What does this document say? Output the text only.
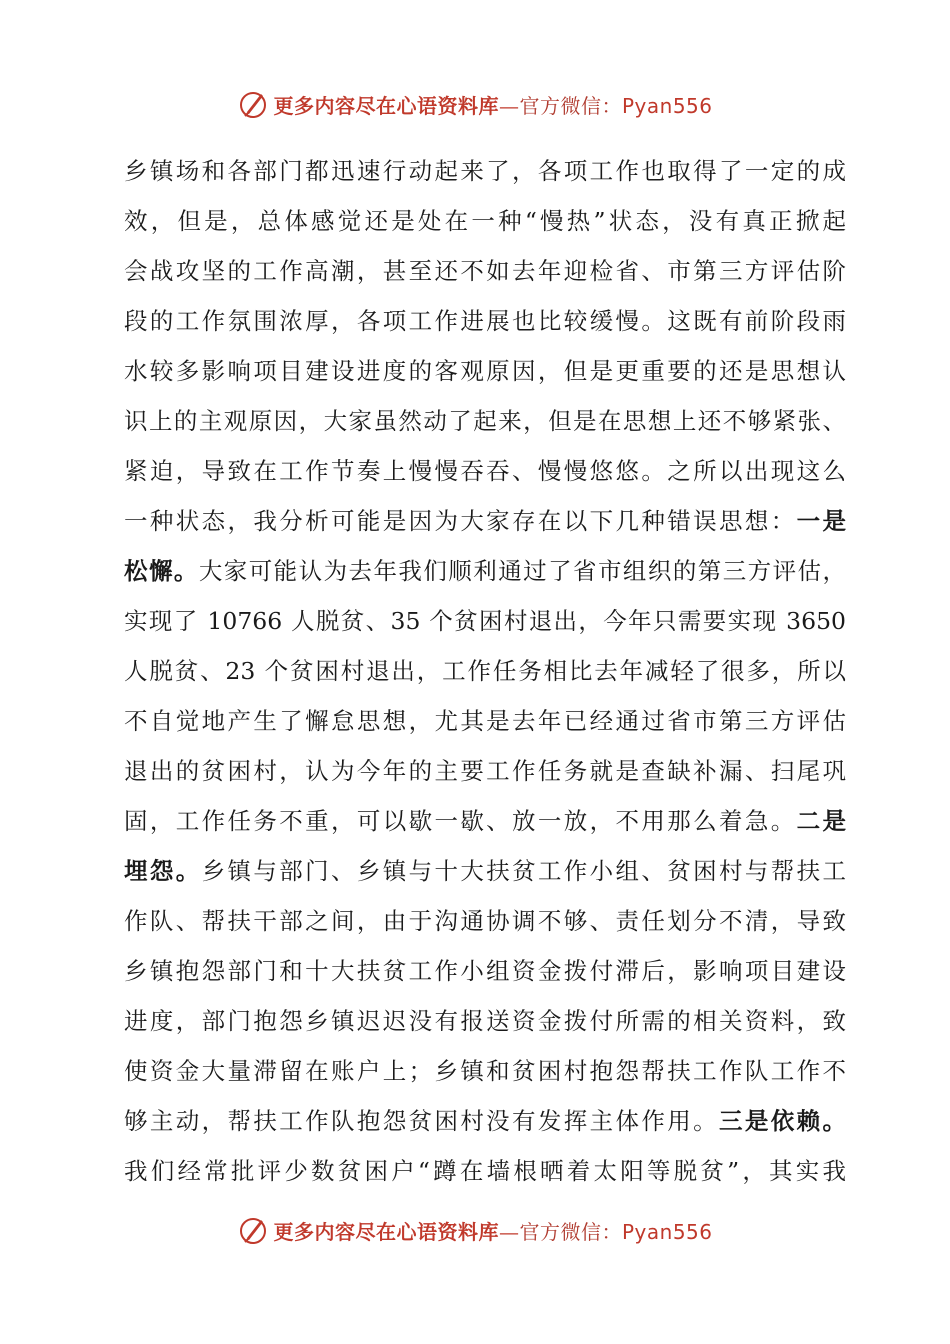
更多内容尽在心语资料库—官方微信：Pyan556
乡镇场和各部门都迅速行动起来了，各项工作也取得了一定的成
效，但是，总体感觉还是处在一种“慢热”状态，没有真正掀起
会战攻坚的工作高潮，甚至还不如去年迎检省、市第三方评估阶
段的工作氛围浓厚，各项工作进展也比较缓慢。这既有前阶段雨
水较多影响项目建设进度的客观原因，但是更重要的还是思想认
识上的主观原因，大家虽然动了起来，但是在思想上还不够紧张、
紧迫，导致在工作节奏上慢慢吞吞、慢慢悠悠。之所以出现这么
一种状态，我分析可能是因为大家存在以下几种错误思想：一是
松懈。大家可能认为去年我们顺利通过了省市组织的第三方评估，
实现了 10766 人脱贫、35 个贫困村退出，今年只需要实现 3650
人脱贫、23 个贫困村退出，工作任务相比去年减轻了很多，所以
不自觉地产生了懈怠思想，尤其是去年已经通过省市第三方评估
退出的贫困村，认为今年的主要工作任务就是查缺补漏、扫尾巩
固，工作任务不重，可以歇一歇、放一放，不用那么着急。二是
埋怨。乡镇与部门、乡镇与十大扶贫工作小组、贫困村与帮扶工
作队、帮扶干部之间，由于沟通协调不够、责任划分不清，导致
乡镇抱怨部门和十大扶贫工作小组资金拨付滞后，影响项目建设
进度，部门抱怨乡镇迟迟没有报送资金拨付所需的相关资料，致
使资金大量滞留在账户上；乡镇和贫困村抱怨帮扶工作队工作不
够主动，帮扶工作队抱怨贫困村没有发挥主体作用。三是依赖。
我们经常批评少数贫困户“蹲在墙根晒着太阳等脱贫”，其实我
更多内容尽在心语资料库—官方微信：Pyan556
